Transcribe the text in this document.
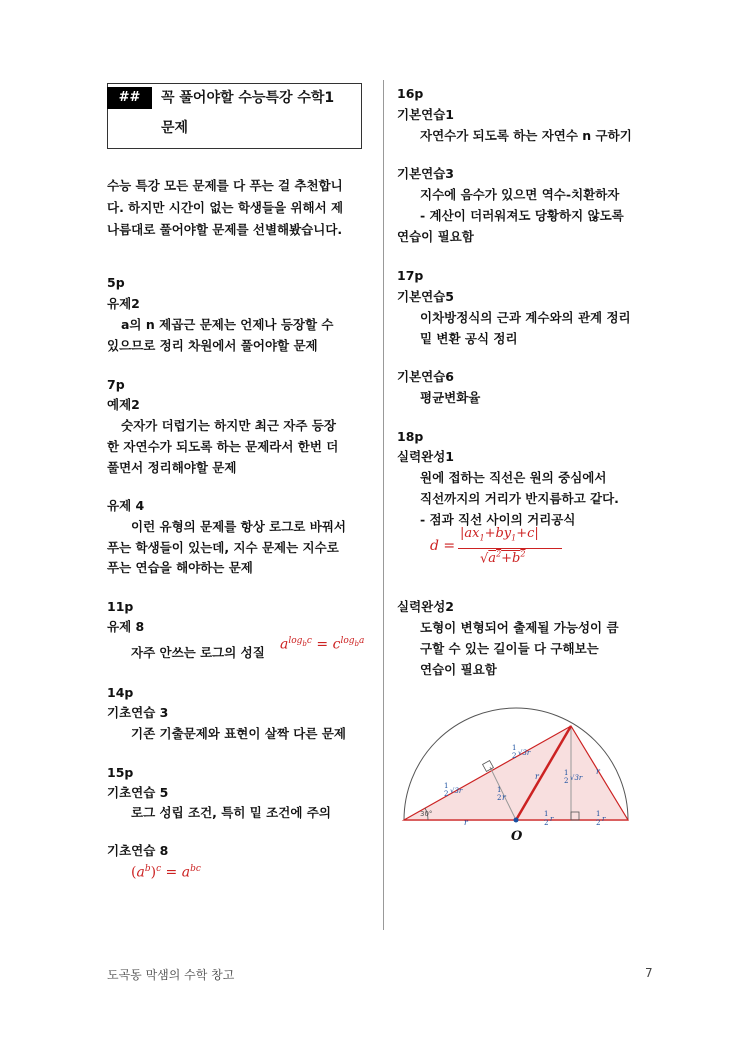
##	꼭 풀어야할 수능특강 수학1
문제
수능 특강 모든 문제를 다 푸는 걸 추천합니
다. 하지만 시간이 없는 학생들을 위해서 제
나름대로 풀어야할 문제를 선별해봤습니다.
5p
유제2
a의 n 제곱근 문제는 언제나 등장할 수
있으므로 정리 차원에서 풀어야할 문제
7p
예제2
숫자가 더럽기는 하지만 최근 자주 등장
한 자연수가 되도록 하는 문제라서 한번 더
풀면서 정리해야할 문제
유제 4
이런 유형의 문제를 항상 로그로 바꿔서
푸는 학생들이 있는데, 지수 문제는 지수로
푸는 연습을 해야하는 문제
11p
유제 8
자주 안쓰는 로그의 성질 $a^{log_bc} = c^{log_ba}$
14p
기초연습 3
기존 기출문제와 표현이 살짝 다른 문제
15p
기초연습 5
로그 성립 조건, 특히 밑 조건에 주의
기초연습 8
$(a^b)^c = a^{bc}$
16p
기본연습1
자연수가 되도록 하는 자연수 n 구하기
기본연습3
지수에 음수가 있으면 역수-치환하자
- 계산이 더러워져도 당황하지 않도록
연습이 필요함
17p
기본연습5
이차방정식의 근과 계수와의 관계 정리
밑 변환 공식 정리
기본연습6
평균변화율
18p
실력완성1
원에 접하는 직선은 원의 중심에서
직선까지의 거리가 반지름하고 같다.
- 점과 직선 사이의 거리공식
d =
$|ax_1+by_1+c|$
$√a^2+b^2$
실력완성2
도형이 변형되어 출제될 가능성이 큼
구할 수 있는 길이들 다 구해보는
연습이 필요함
30°
O
r
r
r
r
1
2 √3r
1
2 √3r	1
2
1
2 √3r
1
2 r
1
2 r
도곡동 막샘의 수학 창고	7
